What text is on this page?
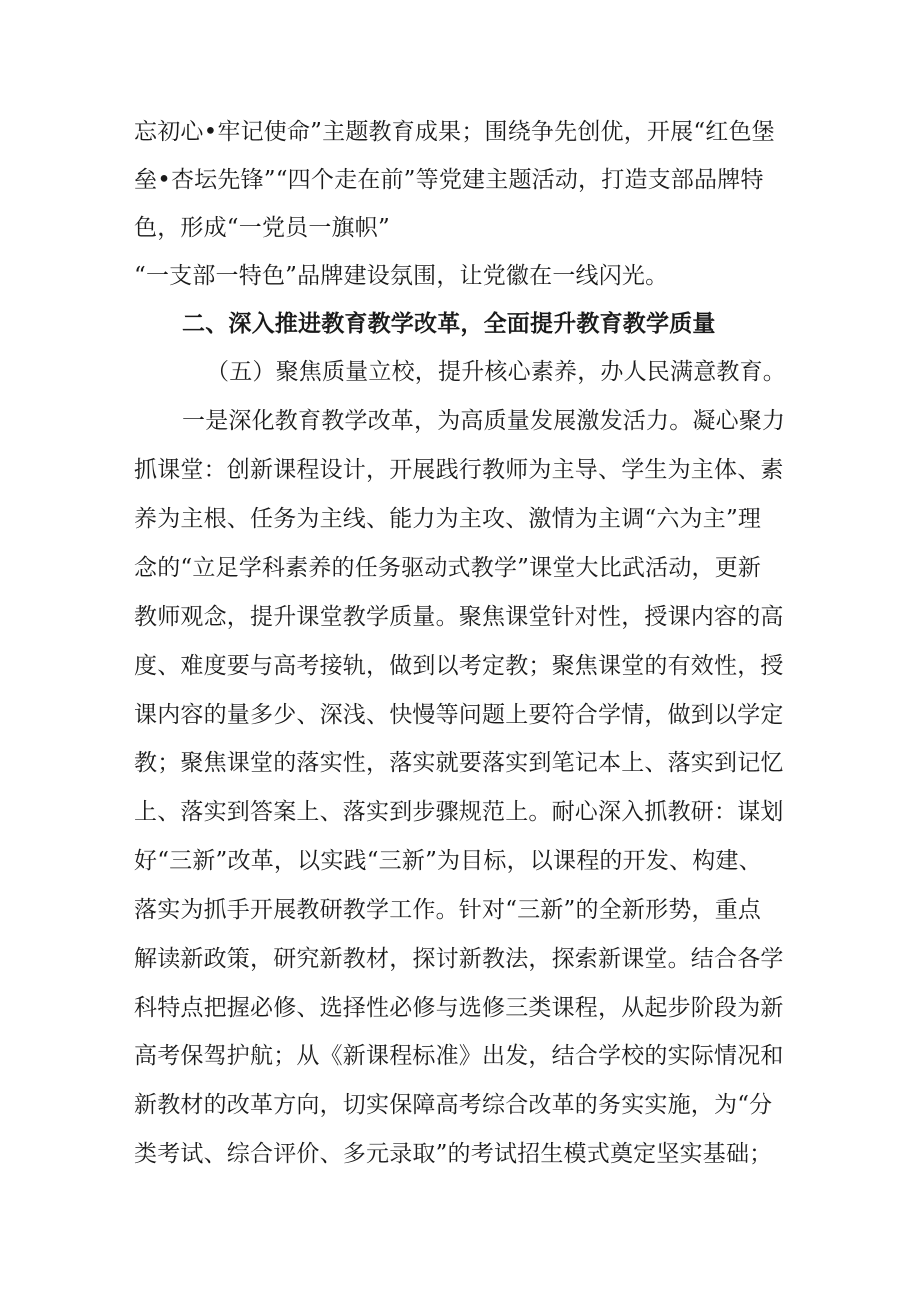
忘初心•牢记使命”主题教育成果；围绕争先创优，开展“红色堡
垒•杏坛先锋”“四个走在前”等党建主题活动，打造支部品牌特
色，形成“一党员一旗帜”
“一支部一特色”品牌建设氛围，让党徽在一线闪光。
二、深入推进教育教学改革，全面提升教育教学质量
（五）聚焦质量立校，提升核心素养，办人民满意教育。
一是深化教育教学改革，为高质量发展激发活力。凝心聚力
抓课堂：创新课程设计，开展践行教师为主导、学生为主体、素
养为主根、任务为主线、能力为主攻、激情为主调“六为主”理
念的“立足学科素养的任务驱动式教学”课堂大比武活动，更新
教师观念，提升课堂教学质量。聚焦课堂针对性，授课内容的高
度、难度要与高考接轨，做到以考定教；聚焦课堂的有效性，授
课内容的量多少、深浅、快慢等问题上要符合学情，做到以学定
教；聚焦课堂的落实性，落实就要落实到笔记本上、落实到记忆
上、落实到答案上、落实到步骤规范上。耐心深入抓教研：谋划
好“三新”改革，以实践“三新”为目标，以课程的开发、构建、
落实为抓手开展教研教学工作。针对“三新”的全新形势，重点
解读新政策，研究新教材，探讨新教法，探索新课堂。结合各学
科特点把握必修、选择性必修与选修三类课程，从起步阶段为新
高考保驾护航；从《新课程标准》出发，结合学校的实际情况和
新教材的改革方向，切实保障高考综合改革的务实实施，为“分
类考试、综合评价、多元录取”的考试招生模式奠定坚实基础；
